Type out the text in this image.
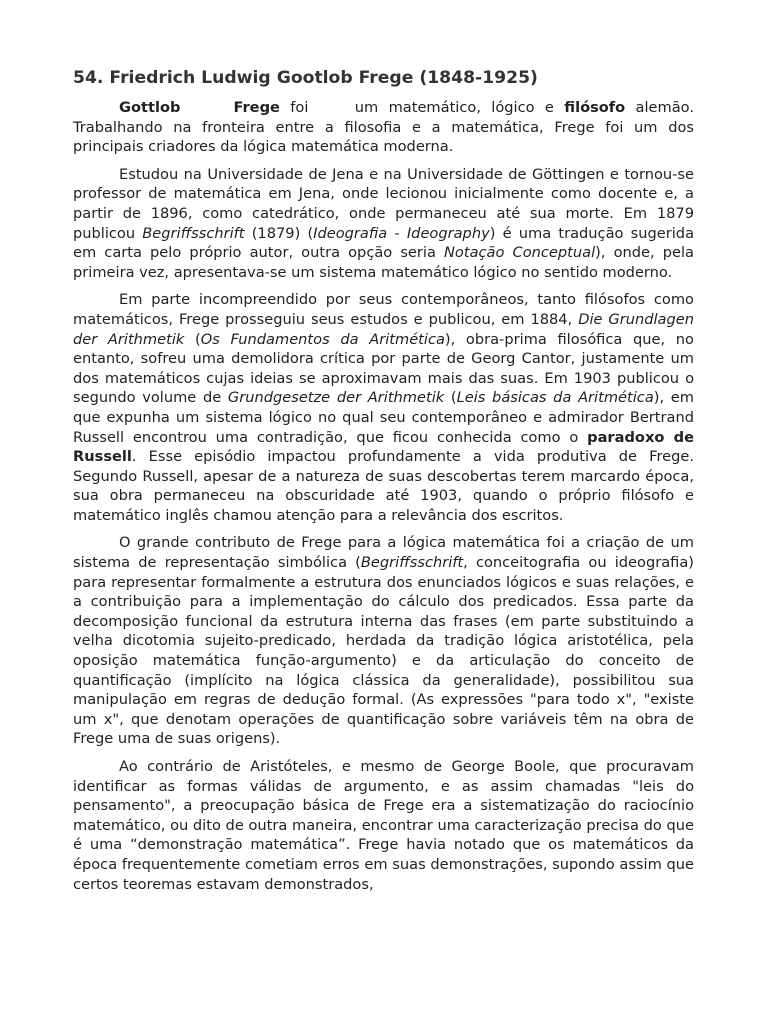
54. Friedrich Ludwig Gootlob Frege (1848-1925)

Gottlob	Frege foi um matemático, lógico e filósofo alemão. Trabalhando na fronteira entre a filosofia e a matemática, Frege foi um dos principais criadores da lógica matemática moderna.

Estudou na Universidade de Jena e na Universidade de Göttingen e tornou-se professor de matemática em Jena, onde lecionou inicialmente como docente e, a partir de 1896, como catedrático, onde permaneceu até sua morte. Em 1879 publicou Begriffsschrift (1879) (Ideografia - Ideography) é uma tradução sugerida em carta pelo próprio autor, outra opção seria Notação Conceptual), onde, pela primeira vez, apresentava-se um sistema matemático lógico no sentido moderno.

Em parte incompreendido por seus contemporâneos, tanto filósofos como matemáticos, Frege prosseguiu seus estudos e publicou, em 1884, Die Grundlagen der Arithmetik (Os Fundamentos da Aritmética), obra-prima filosófica que, no entanto, sofreu uma demolidora crítica por parte de Georg Cantor, justamente um dos matemáticos cujas ideias se aproximavam mais das suas. Em 1903 publicou o segundo volume de Grundgesetze der Arithmetik (Leis básicas da Aritmética), em que expunha um sistema lógico no qual seu contemporâneo e admirador Bertrand Russell encontrou uma contradição, que ficou conhecida como o paradoxo de Russell. Esse episódio impactou profundamente a vida produtiva de Frege. Segundo Russell, apesar de a natureza de suas descobertas terem marcardo época, sua obra permaneceu na obscuridade até 1903, quando o próprio filósofo e matemático inglês chamou atenção para a relevância dos escritos.

O grande contributo de Frege para a lógica matemática foi a criação de um sistema de representação simbólica (Begriffsschrift, conceitografia ou ideografia) para representar formalmente a estrutura dos enunciados lógicos e suas relações, e a contribuição para a implementação do cálculo dos predicados. Essa parte da decomposição funcional da estrutura interna das frases (em parte substituindo a velha dicotomia sujeito-predicado, herdada da tradição lógica aristotélica, pela oposição matemática função-argumento) e da articulação do conceito de quantificação (implícito na lógica clássica da generalidade), possibilitou sua manipulação em regras de dedução formal. (As expressões "para todo x", "existe um x", que denotam operações de quantificação sobre variáveis têm na obra de Frege uma de suas origens).

Ao contrário de Aristóteles, e mesmo de George Boole, que procuravam identificar as formas válidas de argumento, e as assim chamadas "leis do pensamento", a preocupação básica de Frege era a sistematização do raciocínio matemático, ou dito de outra maneira, encontrar uma caracterização precisa do que é uma “demonstração matemática”. Frege havia notado que os matemáticos da época frequentemente cometiam erros em suas demonstrações, supondo assim que certos teoremas estavam demonstrados,
